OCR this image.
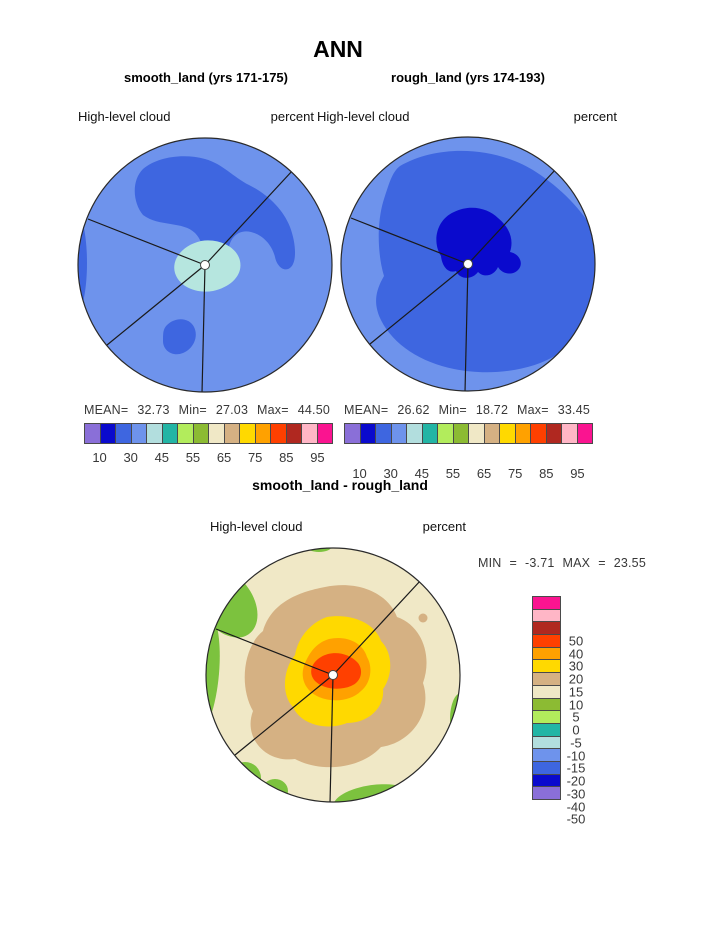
ANN
smooth_land (yrs 171-175)	rough_land (yrs 174-193)
High-level cloud	percent High-level cloud	percent
MEAN= 32.73 Min= 27.03 Max= 44.50 MEAN= 26.62 Min= 18.72 Max= 33.45
10 30 45 55 65 75 85 95
10 30 45 55 65 75 85 95
smooth_land - rough_land
High-level cloud	percent
MIN = -3.71 MAX = 23.55
50
40
30
20
15
10
5
0
-5
-10
-15
-20
-30
-40
-50
